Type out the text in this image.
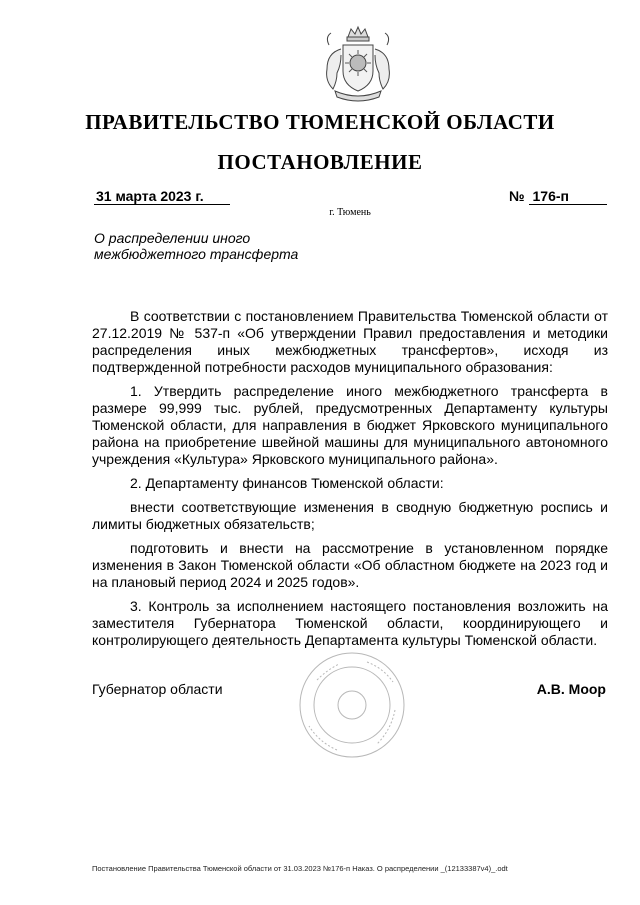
ПРАВИТЕЛЬСТВО ТЮМЕНСКОЙ ОБЛАСТИ
ПОСТАНОВЛЕНИЕ
31 марта 2023 г.	№ 176-п
г. Тюмень
О распределении иного
межбюджетного трансферта

В соответствии с постановлением Правительства Тюменской области от 27.12.2019 № 537-п «Об утверждении Правил предоставления и методики распределения иных межбюджетных трансфертов», исходя из подтвержденной потребности расходов муниципального образования:

1. Утвердить распределение иного межбюджетного трансферта в размере 99,999 тыс. рублей, предусмотренных Департаменту культуры Тюменской области, для направления в бюджет Ярковского муниципального района на приобретение швейной машины для муниципального автономного учреждения «Культура» Ярковского муниципального района».

2. Департаменту финансов Тюменской области:

внести соответствующие изменения в сводную бюджетную роспись и лимиты бюджетных обязательств;

подготовить и внести на рассмотрение в установленном порядке изменения в Закон Тюменской области «Об областном бюджете на 2023 год и на плановый период 2024 и 2025 годов».

3. Контроль за исполнением настоящего постановления возложить на заместителя Губернатора Тюменской области, координирующего и контролирующего деятельность Департамента культуры Тюменской области.

Губернатор области	А.В. Моор
Постановление Правительства Тюменской области от 31.03.2023 №176-п Наказ. О распределении _(12133387v4)_.odt
